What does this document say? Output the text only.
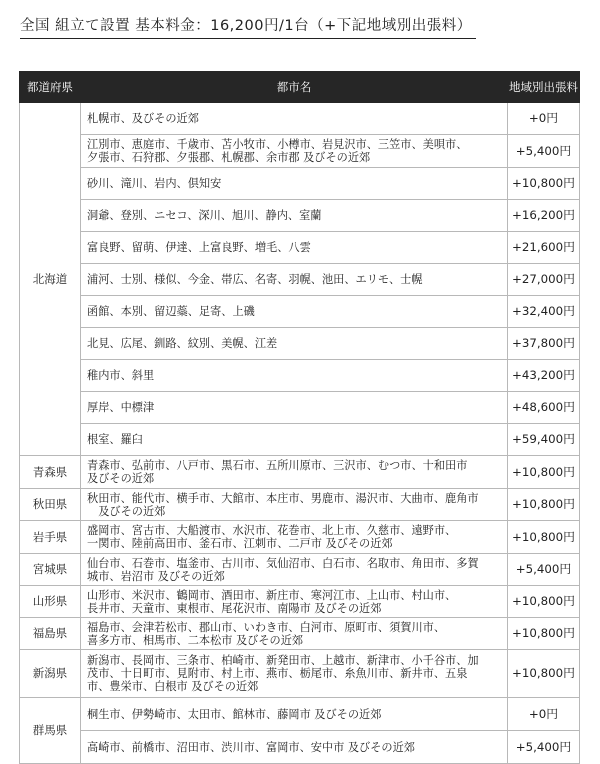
全国 組立て設置 基本料金：16,200円/1台（+下記地域別出張料）
都道府県	都市名	地域別出張料
北海道	札幌市、及びその近郊	+0円

	江別市、恵庭市、千歳市、苫小牧市、小樽市、岩見沢市、三笠市、美唄市、
夕張市、石狩郡、夕張郡、札幌郡、余市郡 及びその近郊	+5,400円

	砂川、滝川、岩内、倶知安	+10,800円

	洞爺、登別、ニセコ、深川、旭川、静内、室蘭	+16,200円

	富良野、留萌、伊達、上富良野、増毛、八雲	+21,600円

	浦河、士別、様似、今金、帯広、名寄、羽幌、池田、エリモ、士幌	+27,000円

	函館、本別、留辺蘂、足寄、上磯	+32,400円

	北見、広尾、釧路、紋別、美幌、江差	+37,800円

	稚内市、斜里	+43,200円

	厚岸、中標津	+48,600円

	根室、羅臼	+59,400円
青森県	青森市、弘前市、八戸市、黒石市、五所川原市、三沢市、むつ市、十和田市
及びその近郊	+10,800円
秋田県	秋田市、能代市、横手市、大館市、本庄市、男鹿市、湯沢市、大曲市、鹿角市
　及びその近郊	+10,800円
岩手県	盛岡市、宮古市、大船渡市、水沢市、花巻市、北上市、久慈市、遠野市、
一関市、陸前高田市、釜石市、江刺市、二戸市 及びその近郊	+10,800円
宮城県	仙台市、石巻市、塩釜市、古川市、気仙沼市、白石市、名取市、角田市、多賀
城市、岩沼市 及びその近郊	+5,400円
山形県	山形市、米沢市、鶴岡市、酒田市、新庄市、寒河江市、上山市、村山市、
長井市、天童市、東根市、尾花沢市、南陽市 及びその近郊	+10,800円
福島県	福島市、会津若松市、郡山市、いわき市、白河市、原町市、須賀川市、
喜多方市、相馬市、二本松市 及びその近郊	+10,800円
新潟県	新潟市、長岡市、三条市、柏崎市、新発田市、上越市、新津市、小千谷市、加
茂市、十日町市、見附市、村上市、燕市、栃尾市、糸魚川市、新井市、五泉
市、豊栄市、白根市 及びその近郊	+10,800円
群馬県	桐生市、伊勢崎市、太田市、館林市、藤岡市 及びその近郊	+0円

	高崎市、前橋市、沼田市、渋川市、富岡市、安中市 及びその近郊	+5,400円
